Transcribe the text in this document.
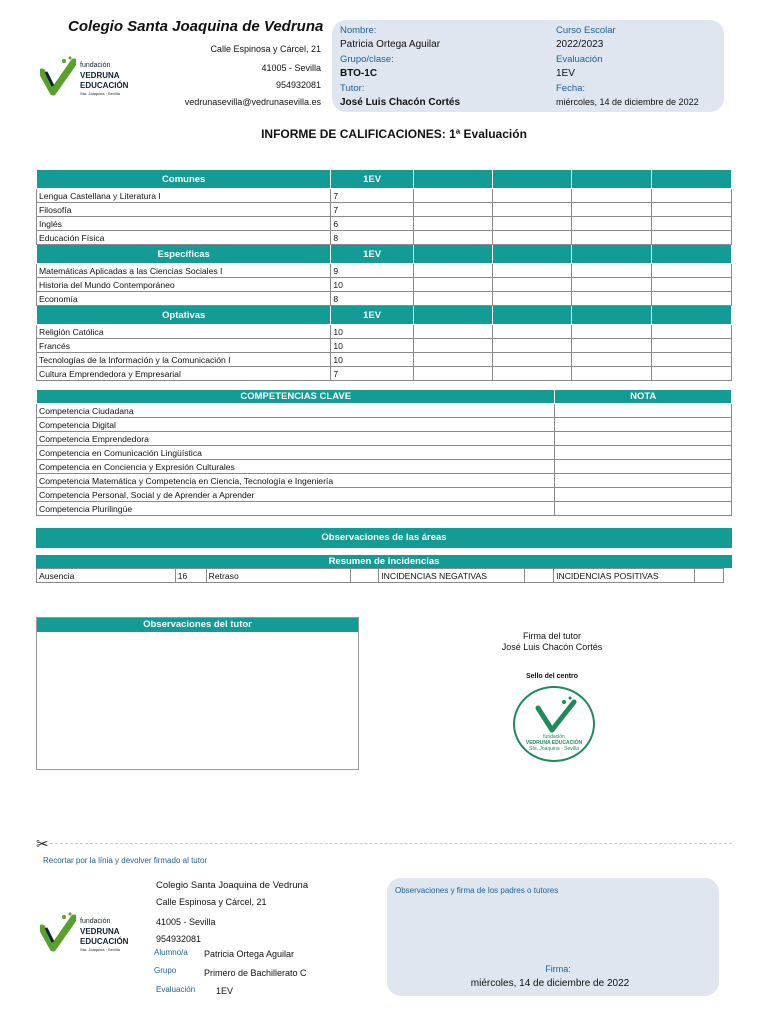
Colegio Santa Joaquina de Vedruna
Calle Espinosa y Cárcel, 21
41005 - Sevilla
954932081
vedrunasevilla@vedrunasevilla.es
fundación
VEDRUNA
EDUCACIÓN
Sta. Joaquina · Sevilla
Nombre:
Patricia Ortega Aguilar
Grupo/clase:
BTO-1C
Tutor:
José Luis Chacón Cortés
Curso Escolar
2022/2023
Evaluación
1EV
Fecha:
miércoles, 14 de diciembre de 2022
INFORME DE CALIFICACIONES: 1ª Evaluación
Comunes	1EV				
Lengua Castellana y Literatura I	7				
Filosofía	7				
Inglés	6				
Educación Física	8				
Específicas	1EV				
Matemáticas Aplicadas a las Ciencias Sociales I	9				
Historia del Mundo Contemporáneo	10				
Economía	8				
Optativas	1EV				
Religión Católica	10				
Francés	10				
Tecnologías de la Información y la Comunicación I	10				
Cultura Emprendedora y Empresarial	7				
COMPETENCIAS CLAVE	NOTA
Competencia Ciudadana	
Competencia Digital	
Competencia Emprendedora	
Competencia en Comunicación Lingüística	
Competencia en Conciencia y Expresión Culturales	
Competencia Matemática y Competencia en Ciencia, Tecnología e Ingeniería	
Competencia Personal, Social y de Aprender a Aprender	
Competencia Plurilingüe	
Observaciones de las áreas
Resumen de incidencias
Ausencia	16	Retraso		INCIDENCIAS NEGATIVAS		INCIDENCIAS POSITIVAS	
Observaciones del tutor
Firma del tutor
José Luis Chacón Cortés
Sello del centro
fundación
VEDRUNA EDUCACIÓN
Sta. Joaquina · Sevilla
✂
Recortar por la línia y devolver firmado al tutor
fundación
VEDRUNA
EDUCACIÓN
Sta. Joaquina · Sevilla
Colegio Santa Joaquina de Vedruna
Calle Espinosa y Cárcel, 21
41005 - Sevilla
954932081
Alumno/a Patricia Ortega Aguilar
Grupo	Primero de Bachillerato C
Evaluación 1EV
Observaciones y firma de los padres o tutores
Firma:
miércoles, 14 de diciembre de 2022
